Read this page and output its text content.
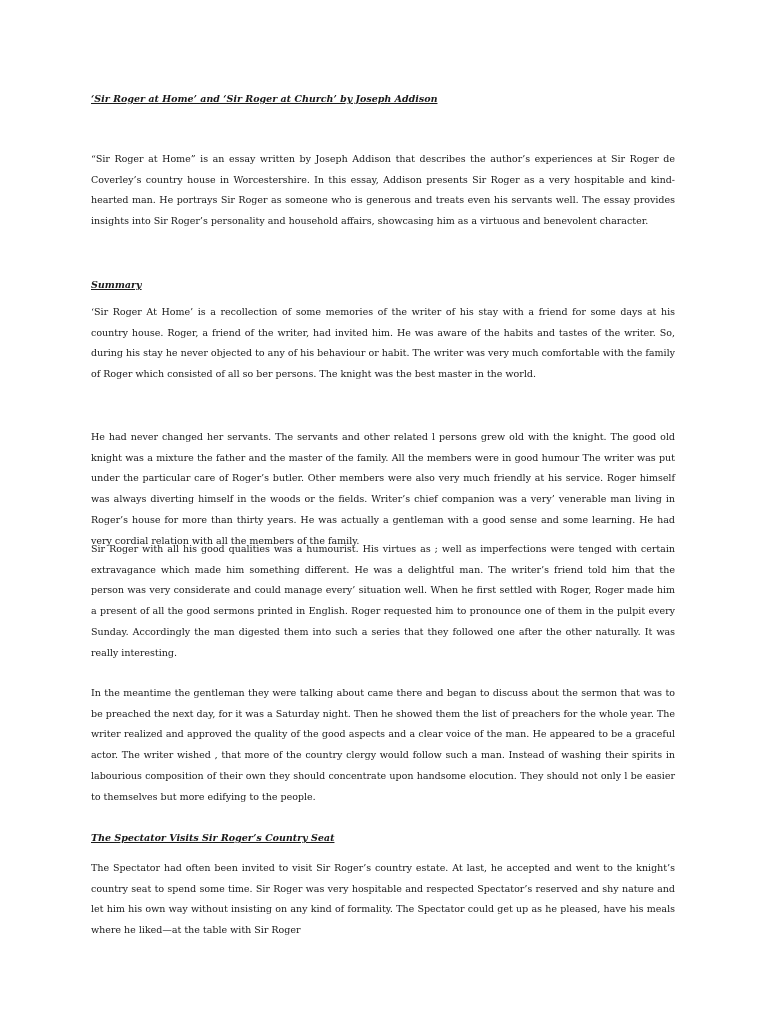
‘Sir Roger at Home’ and ‘Sir Roger at Church’ by Joseph Addison

“Sir Roger at Home” is an essay written by Joseph Addison that describes the author’s experiences at Sir Roger de Coverley’s country house in Worcestershire. In this essay, Addison presents Sir Roger as a very hospitable and kind-hearted man. He portrays Sir Roger as someone who is generous and treats even his servants well. The essay provides insights into Sir Roger’s personality and household affairs, showcasing him as a virtuous and benevolent character.

Summary

‘Sir Roger At Home’ is a recollection of some memories of the writer of his stay with a friend for some days at his country house. Roger, a friend of the writer, had invited him. He was aware of the habits and tastes of the writer. So, during his stay he never objected to any of his behaviour or habit. The writer was very much comfortable with the family of Roger which consisted of all so ber persons. The knight was the best master in the world.

He had never changed her servants. The servants and other related l persons grew old with the knight. The good old knight was a mixture the father and the master of the family. All the members were in good humour The writer was put under the particular care of Roger’s butler. Other members were also very much friendly at his service. Roger himself was always diverting himself in the woods or the fields. Writer’s chief companion was a very’ venerable man living in Roger’s house for more than thirty years. He was actually a gentleman with a good sense and some learning. He had very cordial relation with all the members of the family.

Sir Roger with all his good qualities was a humourist. His virtues as ; well as imperfections were tenged with certain extravagance which made him something different. He was a delightful man. The writer’s friend told him that the person was very considerate and could manage every’ situation well. When he first settled with Roger, Roger made him a present of all the good sermons printed in English. Roger requested him to pronounce one of them in the pulpit every Sunday. Accordingly the man digested them into such a series that they followed one after the other naturally. It was really interesting.

In the meantime the gentleman they were talking about came there and began to discuss about the sermon that was to be preached the next day, for it was a Saturday night. Then he showed them the list of preachers for the whole year. The writer realized and approved the quality of the good aspects and a clear voice of the man. He appeared to be a graceful actor. The writer wished , that more of the country clergy would follow such a man. Instead of washing their spirits in labourious composition of their own they should concentrate upon handsome elocution. They should not only l be easier to themselves but more edifying to the people.

The Spectator Visits Sir Roger’s Country Seat

The Spectator had often been invited to visit Sir Roger’s country estate. At last, he accepted and went to the knight’s country seat to spend some time. Sir Roger was very hospitable and respected Spectator’s reserved and shy nature and let him his own way without insisting on any kind of formality. The Spectator could get up as he pleased, have his meals where he liked—at the table with Sir Roger
